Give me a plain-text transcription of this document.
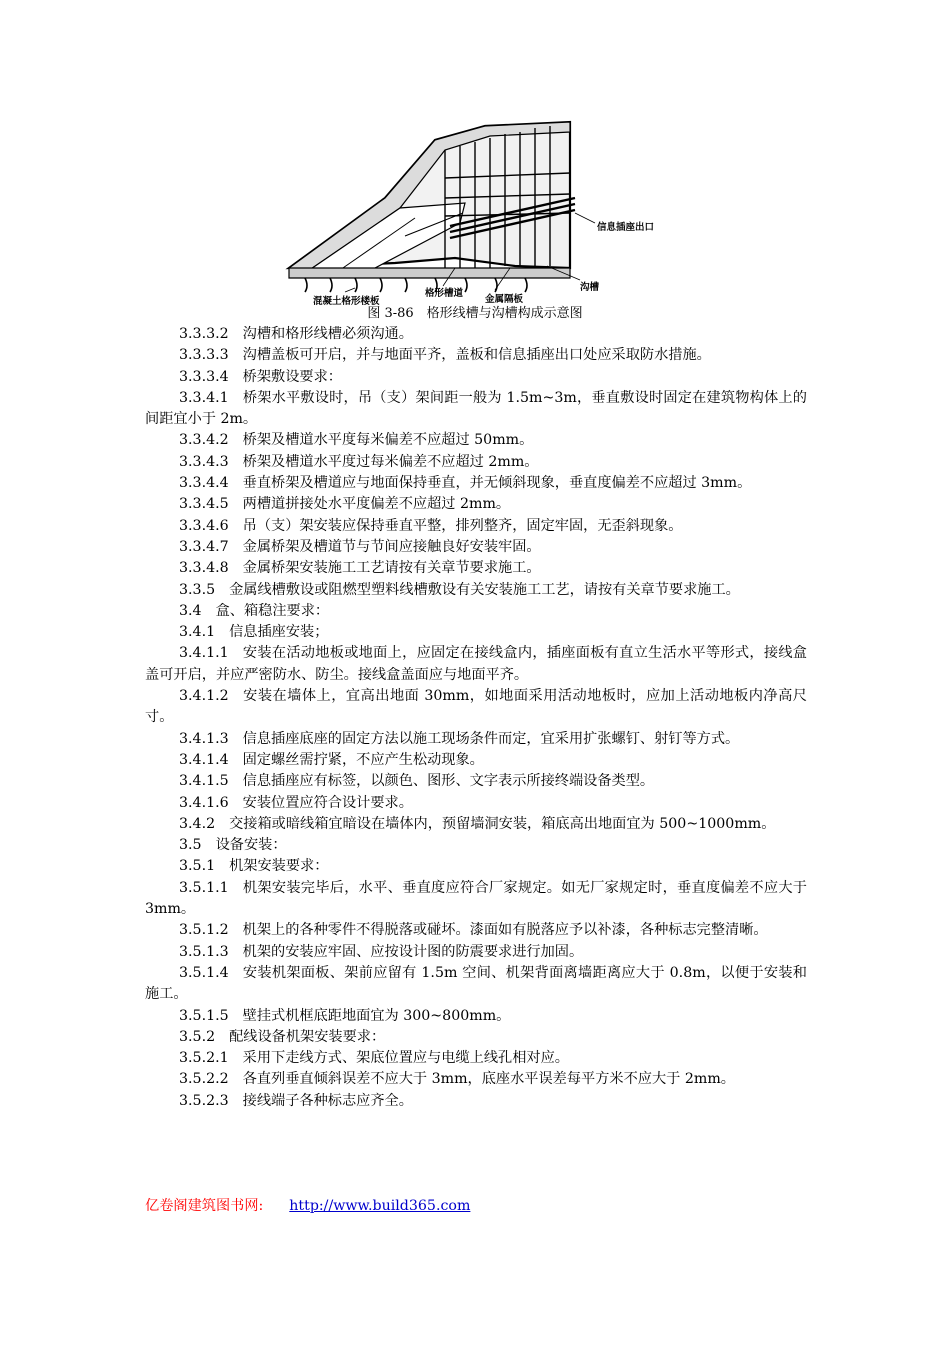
信息插座出口
沟槽
混凝土格形楼板
格形槽道
金属隔板
图 3-86　格形线槽与沟槽构成示意图
3.3.3.2 沟槽和格形线槽必须沟通。
3.3.3.3 沟槽盖板可开启，并与地面平齐，盖板和信息插座出口处应采取防水措施。
3.3.3.4 桥架敷设要求：
3.3.4.1 桥架水平敷设时，吊（支）架间距一般为 1.5m~3m，垂直敷设时固定在建筑物构体上的间距宜小于 2m。
3.3.4.2 桥架及槽道水平度每米偏差不应超过 50mm。
3.3.4.3 桥架及槽道水平度过每米偏差不应超过 2mm。
3.3.4.4 垂直桥架及槽道应与地面保持垂直，并无倾斜现象，垂直度偏差不应超过 3mm。
3.3.4.5 两槽道拼接处水平度偏差不应超过 2mm。
3.3.4.6 吊（支）架安装应保持垂直平整，排列整齐，固定牢固，无歪斜现象。
3.3.4.7 金属桥架及槽道节与节间应接触良好安装牢固。
3.3.4.8 金属桥架安装施工工艺请按有关章节要求施工。
3.3.5 金属线槽敷设或阻燃型塑料线槽敷设有关安装施工工艺，请按有关章节要求施工。
3.4 盒、箱稳注要求：
3.4.1 信息插座安装；
3.4.1.1 安装在活动地板或地面上，应固定在接线盒内，插座面板有直立生活水平等形式，接线盒盖可开启，并应严密防水、防尘。接线盒盖面应与地面平齐。
3.4.1.2 安装在墙体上，宜高出地面 30mm，如地面采用活动地板时，应加上活动地板内净高尺寸。
3.4.1.3 信息插座底座的固定方法以施工现场条件而定，宜采用扩张螺钉、射钉等方式。
3.4.1.4 固定螺丝需拧紧，不应产生松动现象。
3.4.1.5 信息插座应有标签，以颜色、图形、文字表示所接终端设备类型。
3.4.1.6 安装位置应符合设计要求。
3.4.2 交接箱或暗线箱宜暗设在墙体内，预留墙洞安装，箱底高出地面宜为 500~1000mm。
3.5 设备安装：
3.5.1 机架安装要求：
3.5.1.1 机架安装完毕后，水平、垂直度应符合厂家规定。如无厂家规定时，垂直度偏差不应大于 3mm。
3.5.1.2 机架上的各种零件不得脱落或碰坏。漆面如有脱落应予以补漆，各种标志完整清晰。
3.5.1.3 机架的安装应牢固、应按设计图的防震要求进行加固。
3.5.1.4 安装机架面板、架前应留有 1.5m 空间、机架背面离墙距离应大于 0.8m，以便于安装和施工。
3.5.1.5 壁挂式机框底距地面宜为 300~800mm。
3.5.2 配线设备机架安装要求：
3.5.2.1 采用下走线方式、架底位置应与电缆上线孔相对应。
3.5.2.2 各直列垂直倾斜误差不应大于 3mm，底座水平误差每平方米不应大于 2mm。
3.5.2.3 接线端子各种标志应齐全。
亿卷阁建筑图书网: http://www.build365.com
